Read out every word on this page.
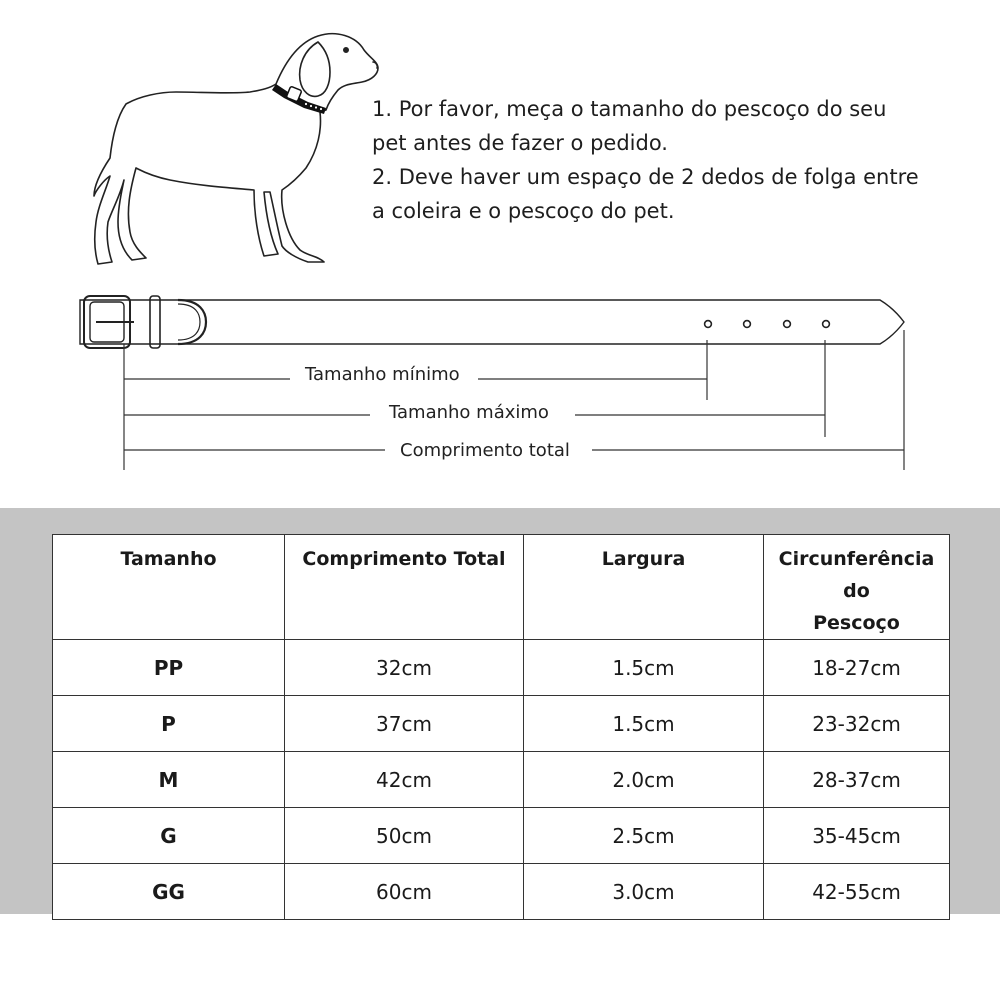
1. Por favor, meça o tamanho do pescoço do seu

pet antes de fazer o pedido.

2. Deve haver um espaço de 2 dedos de folga entre

a coleira e o pescoço do pet.

Tamanho mínimo
Tamanho máximo
Comprimento total
Tamanho	Comprimento Total	Largura	Circunferência do
Pescoço
PP	32cm	1.5cm	18-27cm
P	37cm	1.5cm	23-32cm
M	42cm	2.0cm	28-37cm
G	50cm	2.5cm	35-45cm
GG	60cm	3.0cm	42-55cm
